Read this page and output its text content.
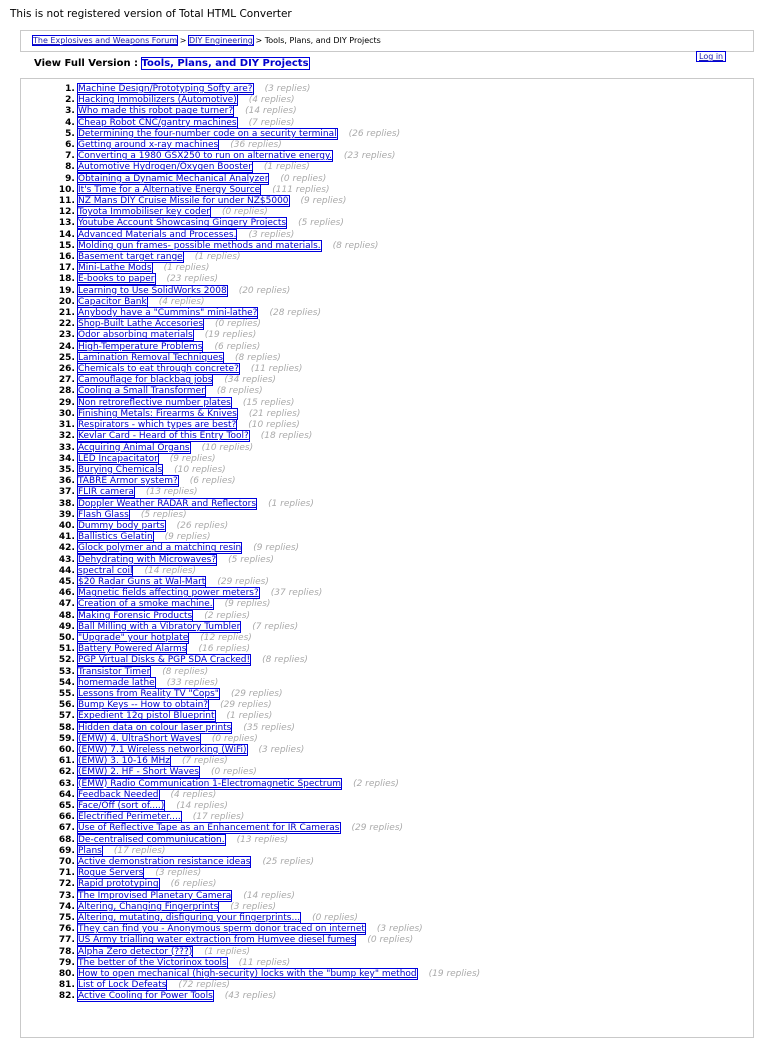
This is not registered version of Total HTML Converter
The Explosives and Weapons Forum > DIY Engineering > Tools, Plans, and DIY Projects
Log in
View Full Version : Tools, Plans, and DIY Projects
1. Machine Design/Prototyping Softy are? (3 replies)
2. Hacking Immobilizers (Automotive) (4 replies)
3. Who made this robot page turner? (14 replies)
4. Cheap Robot CNC/gantry machines (7 replies)
5. Determining the four-number code on a security terminal (26 replies)
6. Getting around x-ray machines (36 replies)
7. Converting a 1980 GSX250 to run on alternative energy. (23 replies)
8. Automotive Hydrogen/Oxygen Booster (1 replies)
9. Obtaining a Dynamic Mechanical Analyzer (0 replies)
10. It's Time for a Alternative Energy Source (111 replies)
11. NZ Mans DIY Cruise Missile for under NZ$5000 (9 replies)
12. Toyota Immobiliser key coder (0 replies)
13. Youtube Account Showcasing Gingery Projects (5 replies)
14. Advanced Materials and Processes. (3 replies)
15. Molding gun frames- possible methods and materials. (8 replies)
16. Basement target range (1 replies)
17. Mini-Lathe Mods (1 replies)
18. E-books to paper (23 replies)
19. Learning to Use SolidWorks 2008 (20 replies)
20. Capacitor Bank (4 replies)
21. Anybody have a "Cummins" mini-lathe? (28 replies)
22. Shop-Built Lathe Accesories (0 replies)
23. Odor absorbing materials (19 replies)
24. High-Temperature Problems (6 replies)
25. Lamination Removal Techniques (8 replies)
26. Chemicals to eat through concrete? (11 replies)
27. Camouflage for blackbag jobs (34 replies)
28. Cooling a Small Transformer (8 replies)
29. Non retroreflective number plates (15 replies)
30. Finishing Metals: Firearms & Knives (21 replies)
31. Respirators - which types are best? (10 replies)
32. Kevlar Card - Heard of this Entry Tool? (18 replies)
33. Acquiring Animal Organs (10 replies)
34. LED Incapacitator (9 replies)
35. Burying Chemicals (10 replies)
36. TABRE Armor system? (6 replies)
37. FLIR camera (13 replies)
38. Doppler Weather RADAR and Reflectors (1 replies)
39. Flash Glass (5 replies)
40. Dummy body parts (26 replies)
41. Ballistics Gelatin (9 replies)
42. Glock polymer and a matching resin (9 replies)
43. Dehydrating with Microwaves? (5 replies)
44. spectral coil (14 replies)
45. $20 Radar Guns at Wal-Mart (29 replies)
46. Magnetic fields affecting power meters? (37 replies)
47. Creation of a smoke machine. (9 replies)
48. Making Forensic Products (2 replies)
49. Ball Milling with a Vibratory Tumbler (7 replies)
50. "Upgrade" your hotplate (12 replies)
51. Battery Powered Alarms (16 replies)
52. PGP Virtual Disks & PGP SDA Cracked! (8 replies)
53. Transistor Timer (8 replies)
54. homemade lathe (33 replies)
55. Lessons from Reality TV "Cops" (29 replies)
56. Bump Keys -- How to obtain? (29 replies)
57. Expedient 12g pistol Blueprint (1 replies)
58. Hidden data on colour laser prints (35 replies)
59. (EMW) 4. UltraShort Waves (0 replies)
60. (EMW) 7.1 Wireless networking (WiFi) (3 replies)
61. (EMW) 3. 10-16 MHz (7 replies)
62. (EMW) 2. HF - Short Waves (0 replies)
63. (EMW) Radio Communication 1-Electromagnetic Spectrum (2 replies)
64. Feedback Needed (4 replies)
65. Face/Off (sort of....) (14 replies)
66. Electrified Perimeter.... (17 replies)
67. Use of Reflective Tape as an Enhancement for IR Cameras (29 replies)
68. De-centralised communiucation. (13 replies)
69. Plans (17 replies)
70. Active demonstration resistance ideas (25 replies)
71. Rogue Servers (3 replies)
72. Rapid prototyping (6 replies)
73. The Improvised Planetary Camera (14 replies)
74. Altering, Changing Fingerprints (3 replies)
75. Altering, mutating, disfiguring your fingerprints... (0 replies)
76. They can find you - Anonymous sperm donor traced on internet (3 replies)
77. US Army trialling water extraction from Humvee diesel fumes (0 replies)
78. Alpha Zero detector (???) (1 replies)
79. The better of the Victorinox tools (11 replies)
80. How to open mechanical (high-security) locks with the "bump key" method (19 replies)
81. List of Lock Defeats (72 replies)
82. Active Cooling for Power Tools (43 replies)
